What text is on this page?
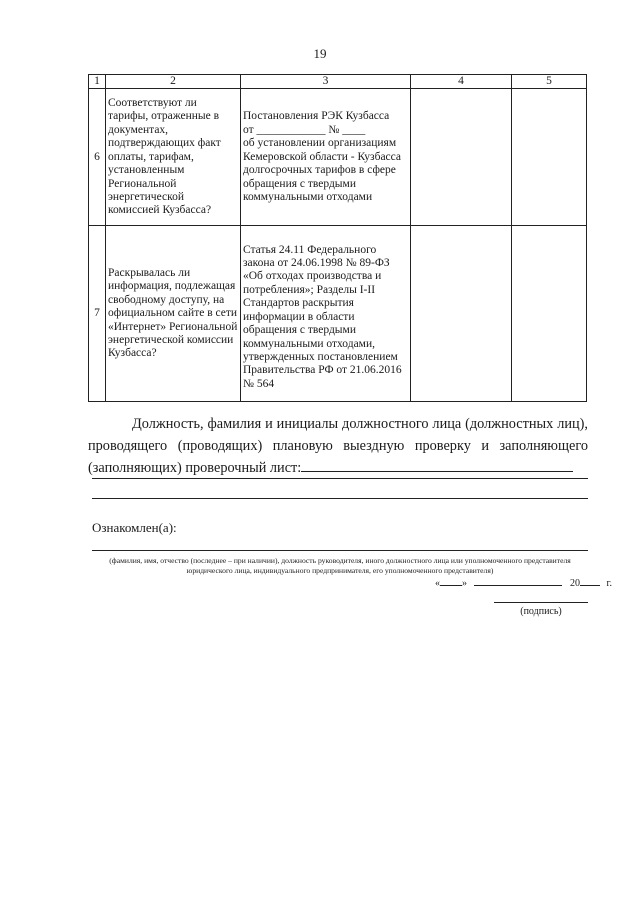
19
1	2	3	4	5
6	Соответствуют ли тарифы, отраженные в документах, подтверждающих факт оплаты, тарифам, установленным Региональной энергетической комиссией Кузбасса?	Постановления РЭК Кузбасса
от ____________ № ____
об установлении организациям Кемеровской области - Кузбасса долгосрочных тарифов в сфере обращения с твердыми коммунальными отходами		
7	Раскрывалась ли информация, подлежащая свободному доступу, на официальном сайте в сети «Интернет» Региональной энергетической комиссии Кузбасса?	Статья 24.11 Федерального закона от 24.06.1998 № 89-ФЗ «Об отходах производства и потребления»; Разделы I-II Стандартов раскрытия информации в области обращения с твердыми коммунальными отходами, утвержденных постановлением Правительства РФ от 21.06.2016 № 564		
Должность, фамилия и инициалы должностного лица (должностных лиц), проводящего (проводящих) плановую выездную проверку и заполняющего (заполняющих) проверочный лист:
Ознакомлен(а):
(фамилия, имя, отчество (последнее – при наличии), должность руководителя, иного должностного лица или уполномоченного представителя юридического лица, индивидуального предпринимателя, его уполномоченного представителя)
« »	20	г.
(подпись)
